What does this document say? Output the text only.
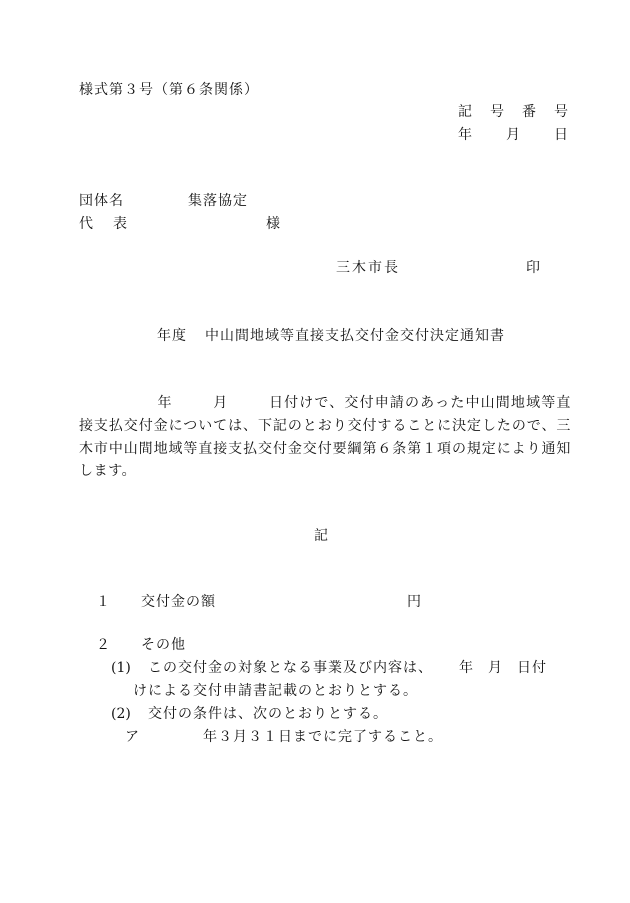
様式第３号（第６条関係）
記 号 番 号
年 月 日
団体名	集落協定
代 表	様
三木市長	印
年度 中山間地域等直接支払交付金交付決定通知書
年	月	日付けで、交付申請のあった中山間地域等直接支払交付金については、下記のとおり交付することに決定したので、三木市中山間地域等直接支払交付金交付要綱第６条第１項の規定により通知します。
記
１ 交付金の額	円
２ その他
(1) この交付金の対象となる事業及び内容は、 年 月 日付
けによる交付申請書記載のとおりとする。
(2) 交付の条件は、次のとおりとする。
ア	年３月３１日までに完了すること。
